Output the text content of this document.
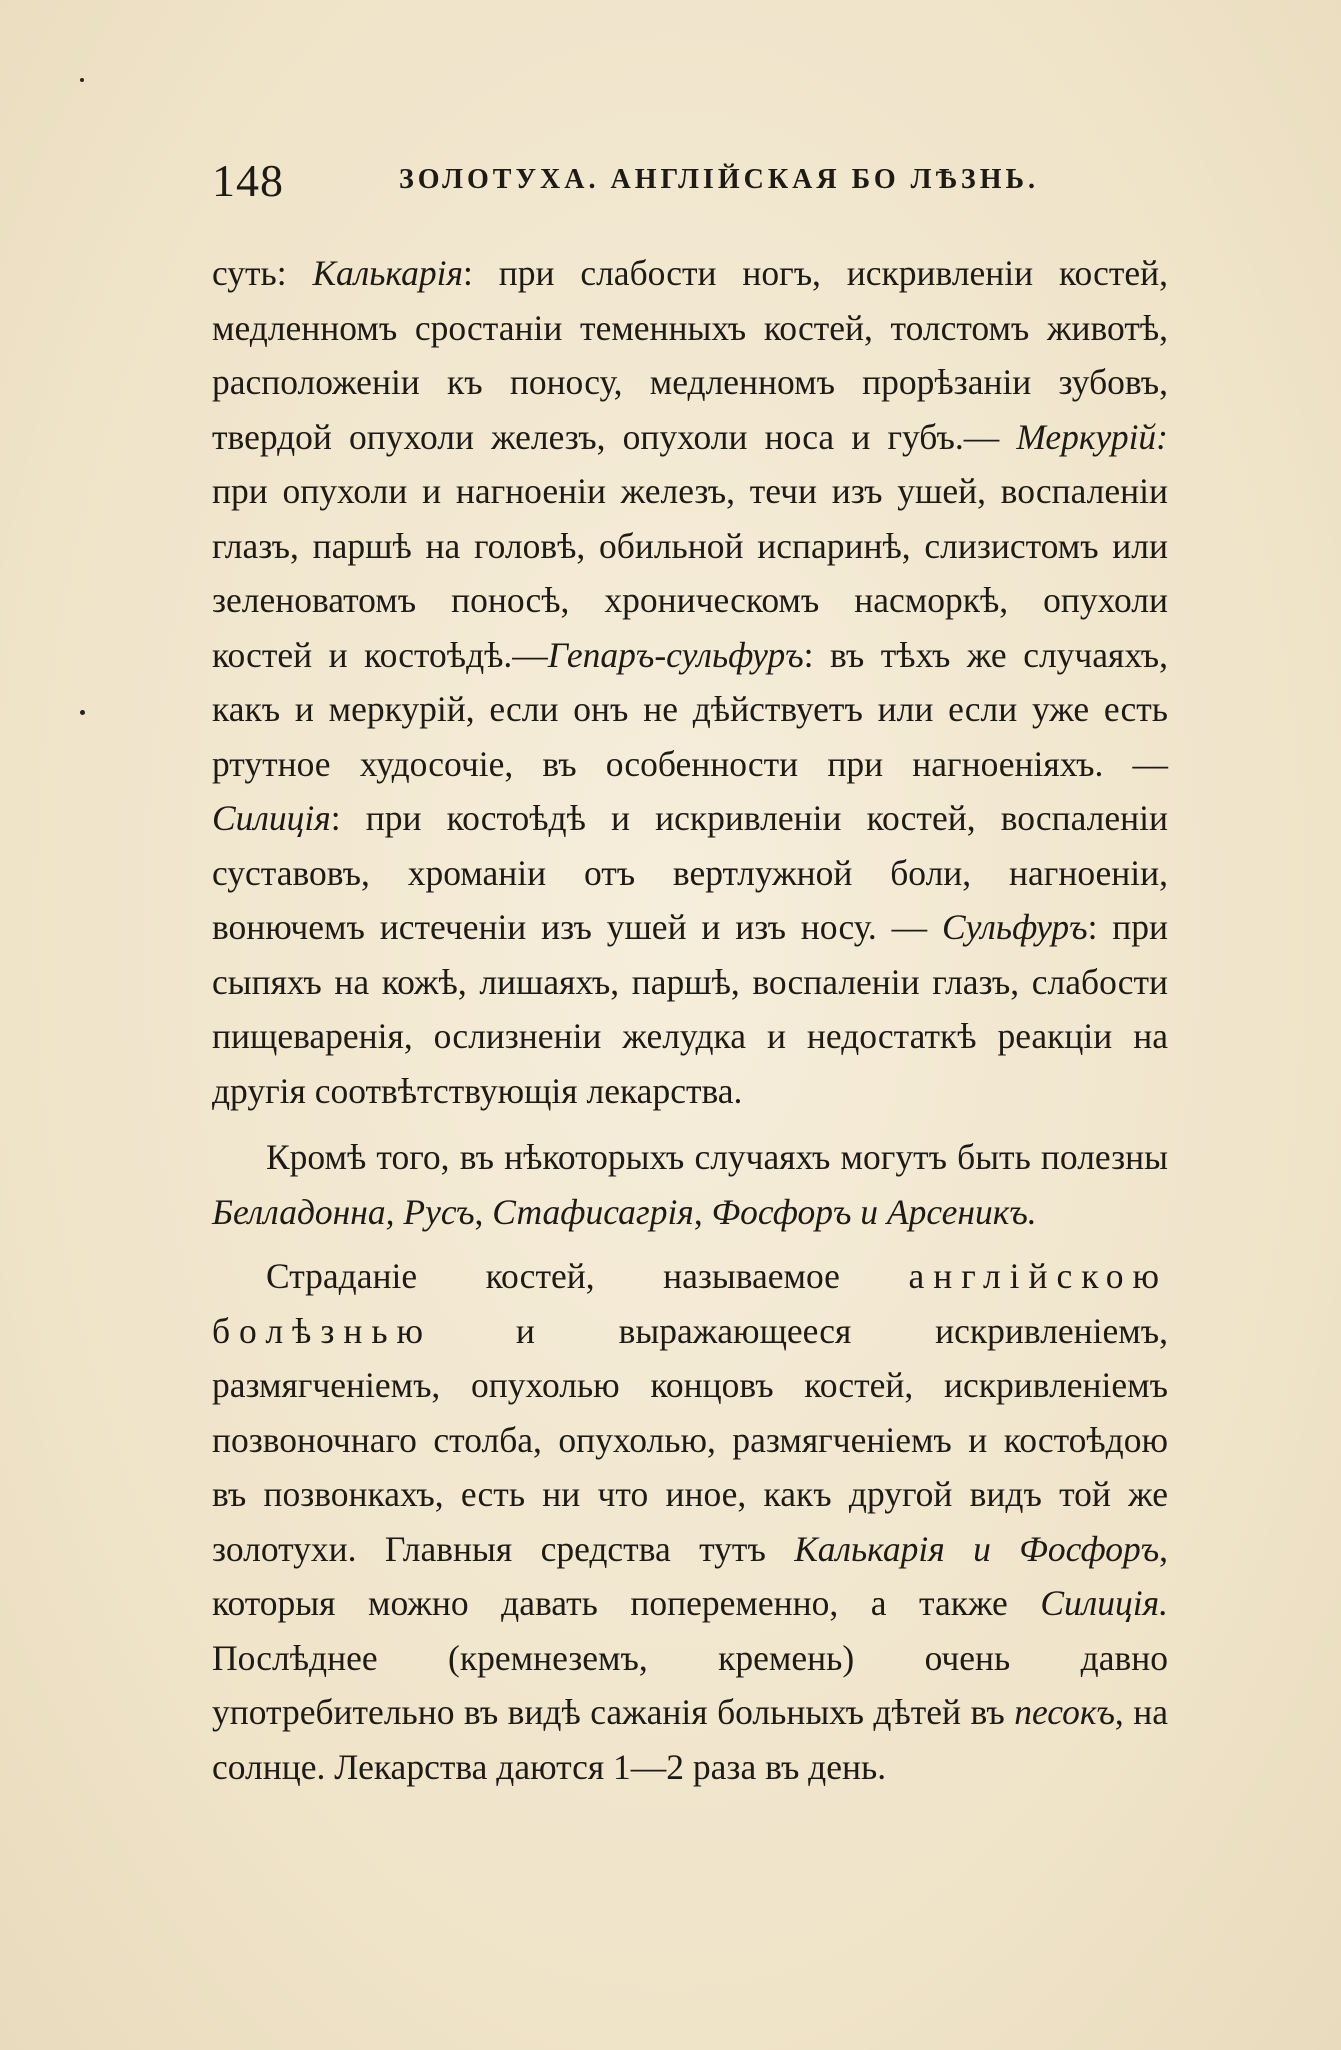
148	ЗОЛОТУХА. АНГЛІЙСКАЯ БО ЛѢЗНЬ.

суть: Калькарія: при слабости ногъ, искривленіи костей, медленномъ сростаніи теменныхъ костей, толстомъ животѣ, расположеніи къ поносу, медленномъ прорѣзаніи зубовъ, твердой опухоли железъ, опухоли носа и губъ.— Меркурій: при опухоли и нагноеніи железъ, течи изъ ушей, воспаленіи глазъ, паршѣ на головѣ, обильной испаринѣ, слизистомъ или зеленоватомъ поносѣ, хроническомъ насморкѣ, опухоли костей и костоѣдѣ.—Гепаръ-сульфуръ: въ тѣхъ же случаяхъ, какъ и меркурій, если онъ не дѣйствуетъ или если уже есть ртутное худосочіе, въ особенности при нагноеніяхъ. — Силиція: при костоѣдѣ и искривленіи костей, воспаленіи суставовъ, хроманіи отъ вертлужной боли, нагноеніи, вонючемъ истеченіи изъ ушей и изъ носу. — Сульфуръ: при сыпяхъ на кожѣ, лишаяхъ, паршѣ, воспаленіи глазъ, слабости пищеваренія, ослизненіи желудка и недостаткѣ реакціи на другія соотвѣтствующія лекарства.

Кромѣ того, въ нѣкоторыхъ случаяхъ могутъ быть полезны Белладонна, Русъ, Стафисагрія, Фосфоръ и Арсеникъ.

Страданіе костей, называемое англійскою болѣзнью и выражающееся искривленіемъ, размягченіемъ, опухолью концовъ костей, искривленіемъ позвоночнаго столба, опухолью, размягченіемъ и костоѣдою въ позвонкахъ, есть ни что иное, какъ другой видъ той же золотухи. Главныя средства тутъ Калькарія и Фосфоръ, которыя можно давать попеременно, а также Силиція. Послѣднее (кремнеземъ, кремень) очень давно употребительно въ видѣ сажанія больныхъ дѣтей въ песокъ, на солнце. Лекарства даются 1—2 раза въ день.
